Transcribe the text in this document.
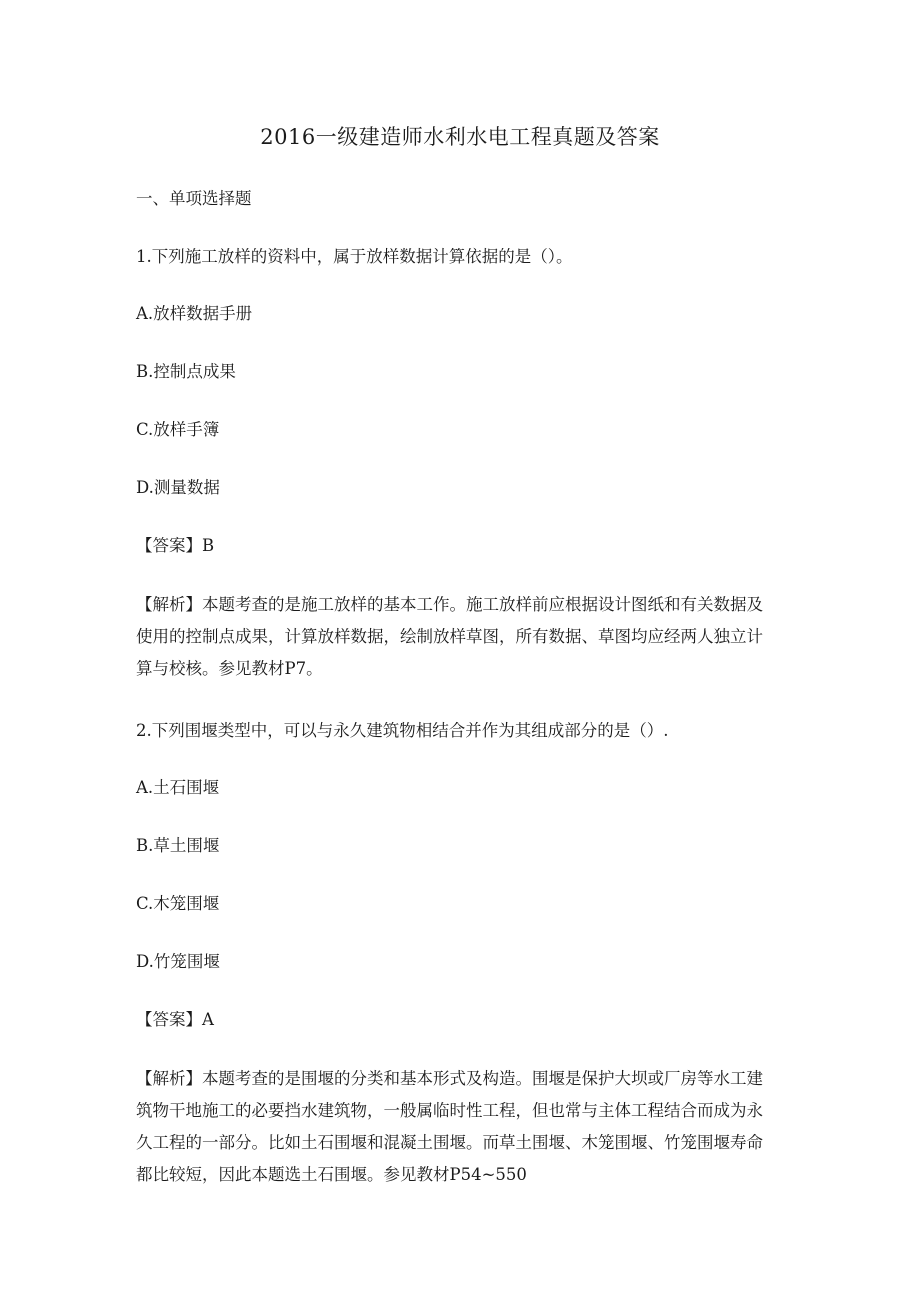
2016一级建造师水利水电工程真题及答案
一、单项选择题
1.下列施工放样的资料中，属于放样数据计算依据的是（）。
A.放样数据手册
B.控制点成果
C.放样手簿
D.测量数据
【答案】B
【解析】本题考查的是施工放样的基本工作。施工放样前应根据设计图纸和有关数据及
使用的控制点成果，计算放样数据，绘制放样草图，所有数据、草图均应经两人独立计
算与校核。参见教材P7。
2.下列围堰类型中，可以与永久建筑物相结合并作为其组成部分的是（）.
A.土石围堰
B.草土围堰
C.木笼围堰
D.竹笼围堰
【答案】A
【解析】本题考查的是围堰的分类和基本形式及构造。围堰是保护大坝或厂房等水工建
筑物干地施工的必要挡水建筑物，一般属临时性工程，但也常与主体工程结合而成为永
久工程的一部分。比如土石围堰和混凝土围堰。而草土围堰、木笼围堰、竹笼围堰寿命
都比较短，因此本题选土石围堰。参见教材P54~550
